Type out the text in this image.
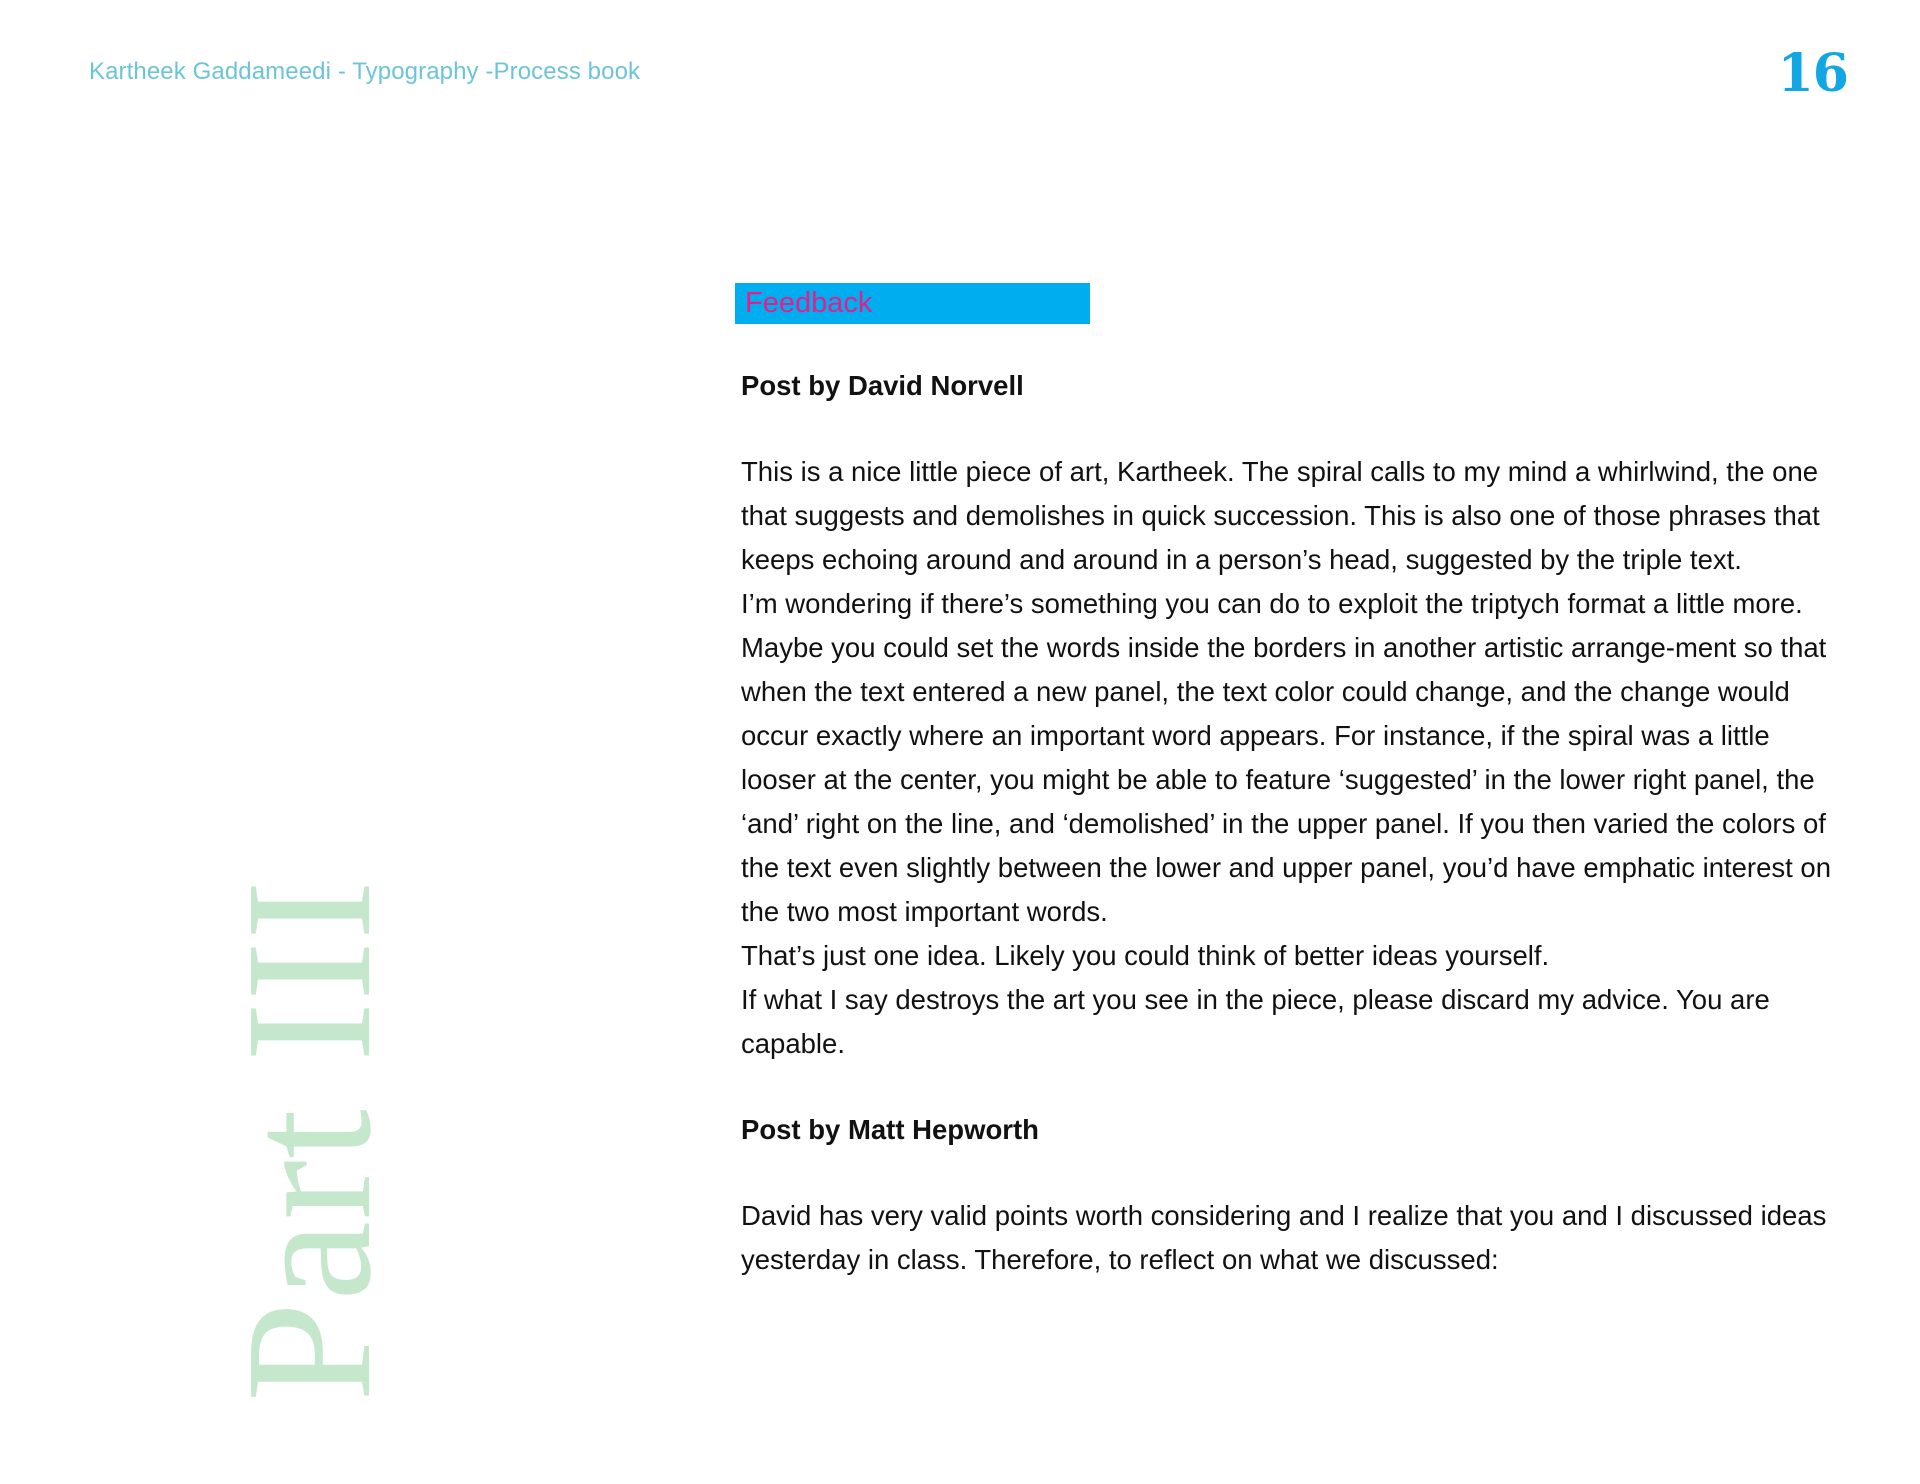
Kartheek Gaddameedi - Typography -Process book	16
Part III
Feedback

Post by David Norvell

This is a nice little piece of art, Kartheek. The spiral calls to my mind a whirlwind, the one that suggests and demolishes in quick succession. This is also one of those phrases that keeps echoing around and around in a person’s head, suggested by the triple text.

I’m wondering if there’s something you can do to exploit the triptych format a little more. Maybe you could set the words inside the borders in another artistic arrange-ment so that when the text entered a new panel, the text color could change, and the change would occur exactly where an important word appears. For instance, if the spiral was a little looser at the center, you might be able to feature ‘suggested’ in the lower right panel, the ‘and’ right on the line, and ‘demolished’ in the upper panel. If you then varied the colors of the text even slightly between the lower and upper panel, you’d have emphatic interest on the two most important words.

That’s just one idea. Likely you could think of better ideas yourself.

If what I say destroys the art you see in the piece, please discard my advice. You are capable.

Post by Matt Hepworth

David has very valid points worth considering and I realize that you and I discussed ideas yesterday in class. Therefore, to reflect on what we discussed:
